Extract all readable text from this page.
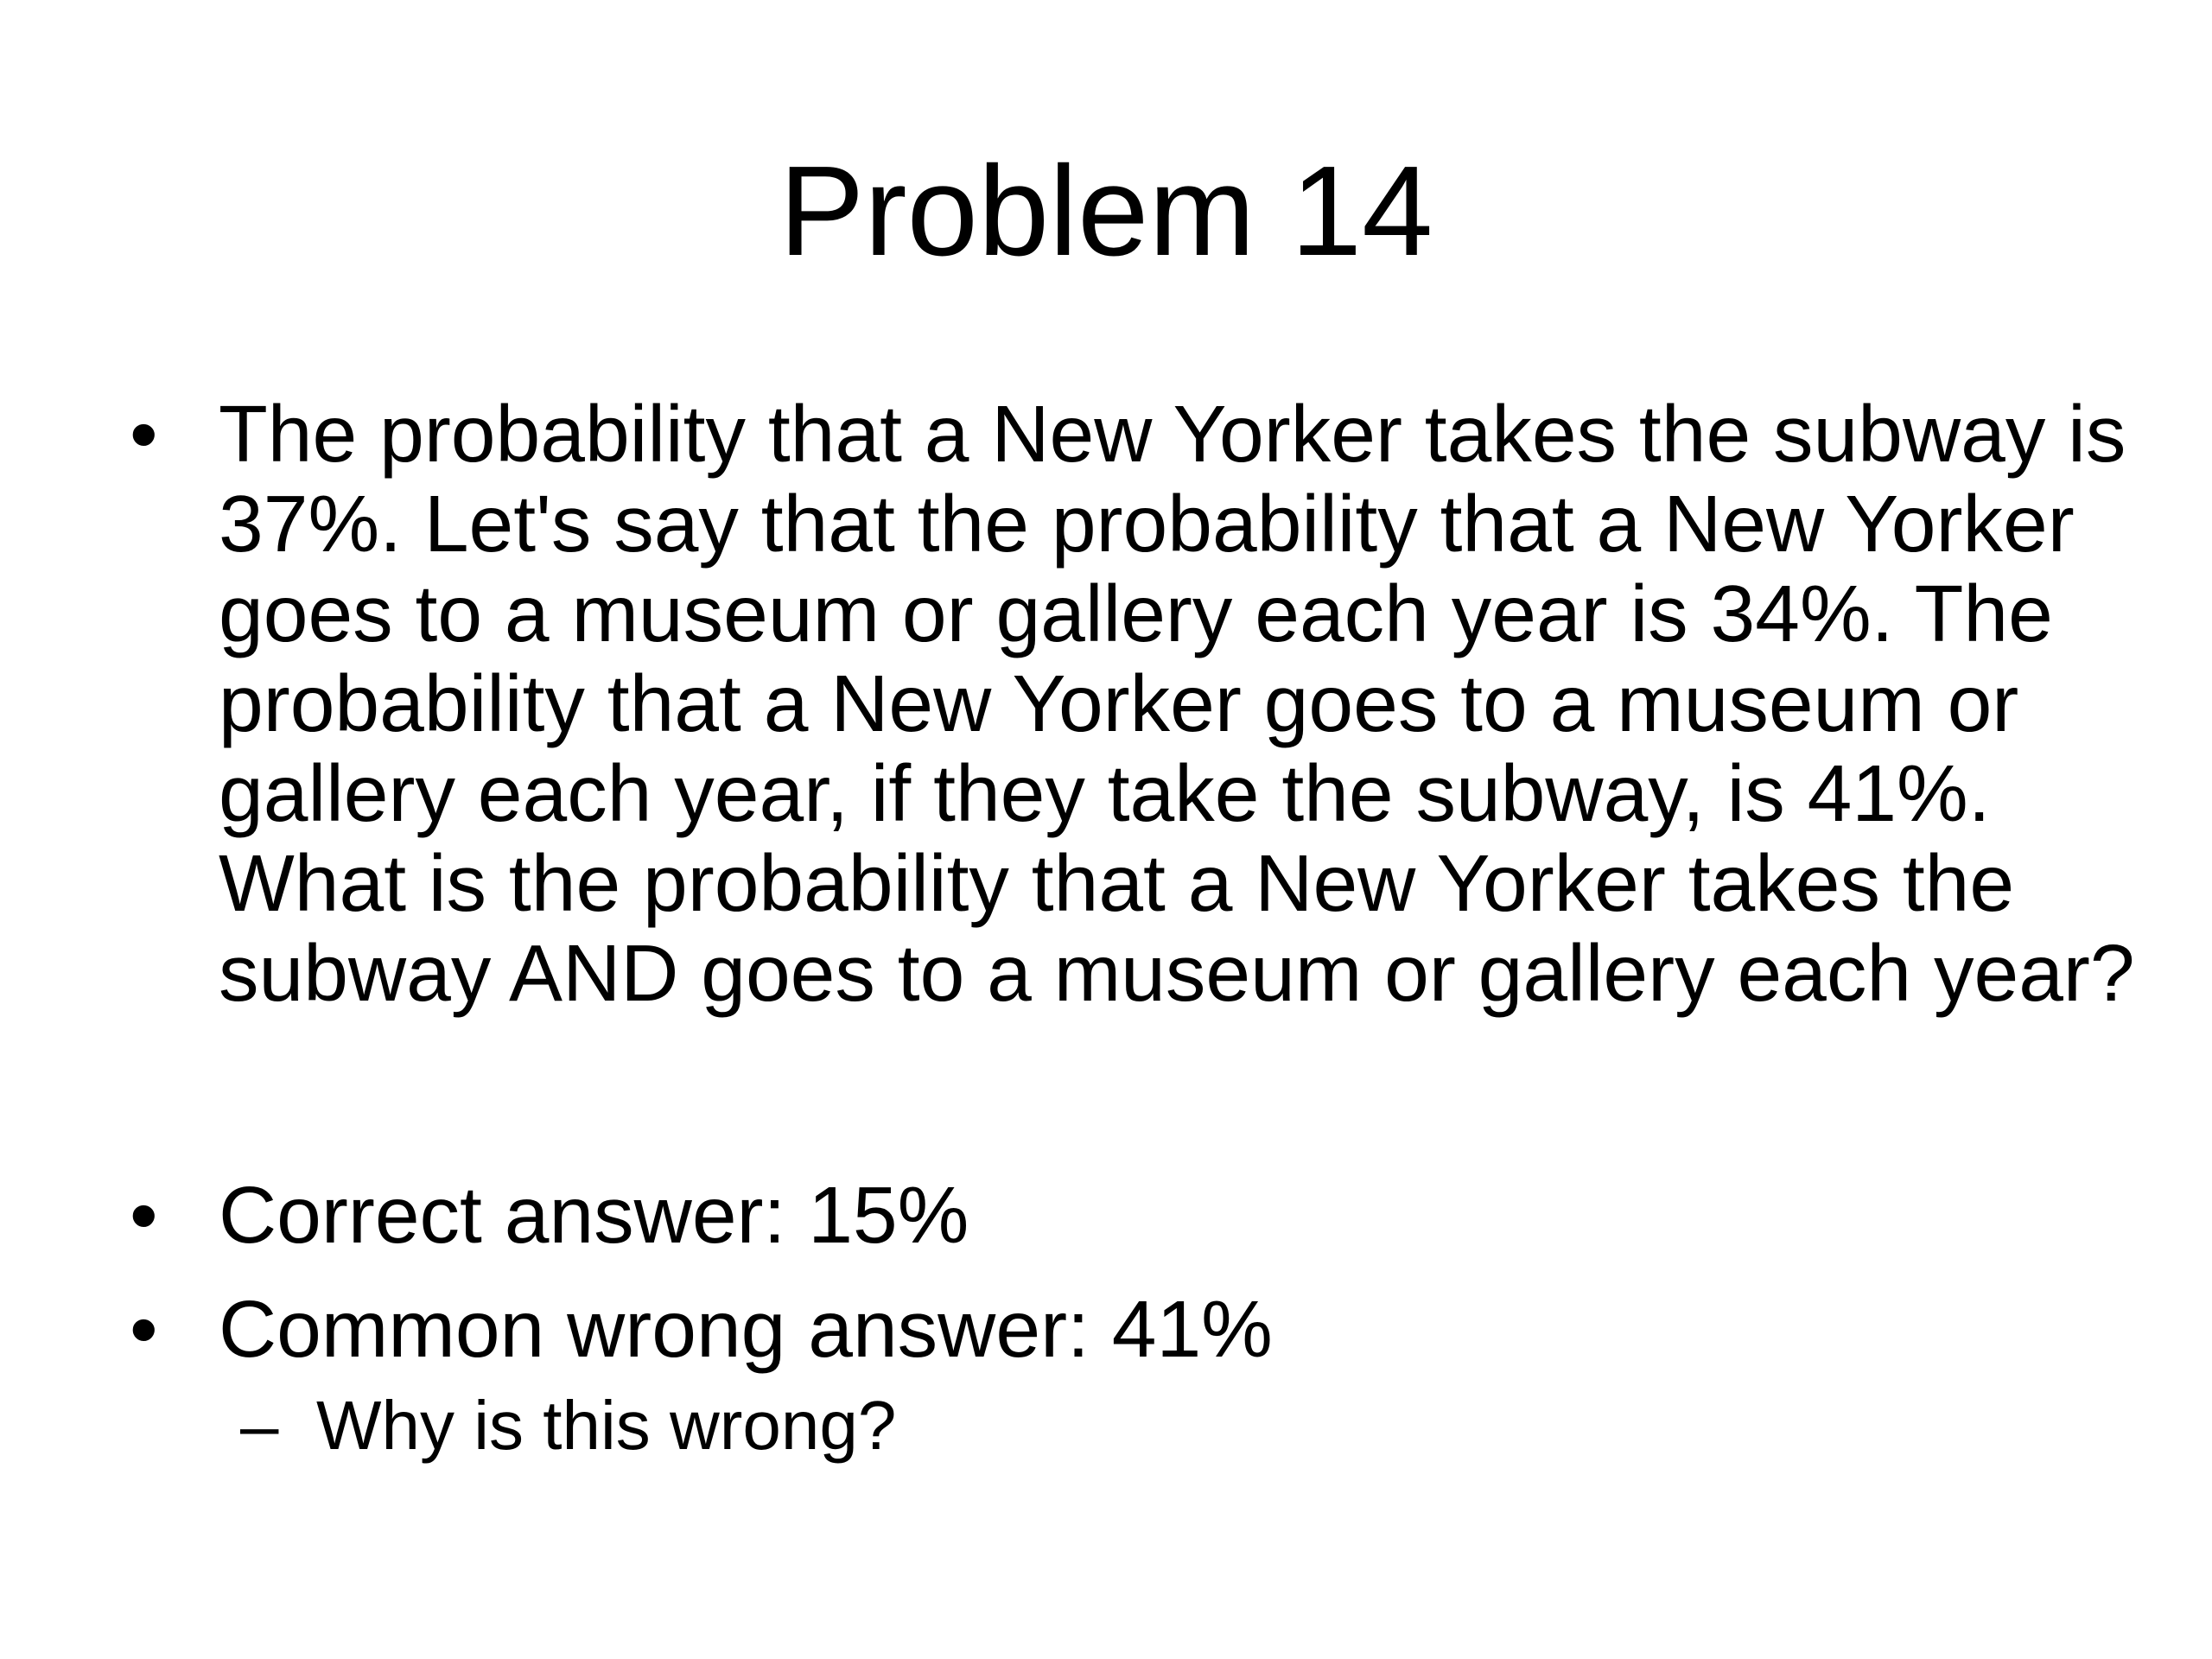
Problem 14
• The probability that a New Yorker takes the subway is 37%. Let's say that the probability that a New Yorker goes to a museum or gallery each year is 34%. The probability that a New Yorker goes to a museum or gallery each year, if they take the subway, is 41%. What is the probability that a New Yorker takes the subway AND goes to a museum or gallery each year?
• Correct answer: 15%
• Common wrong answer: 41%
– Why is this wrong?
